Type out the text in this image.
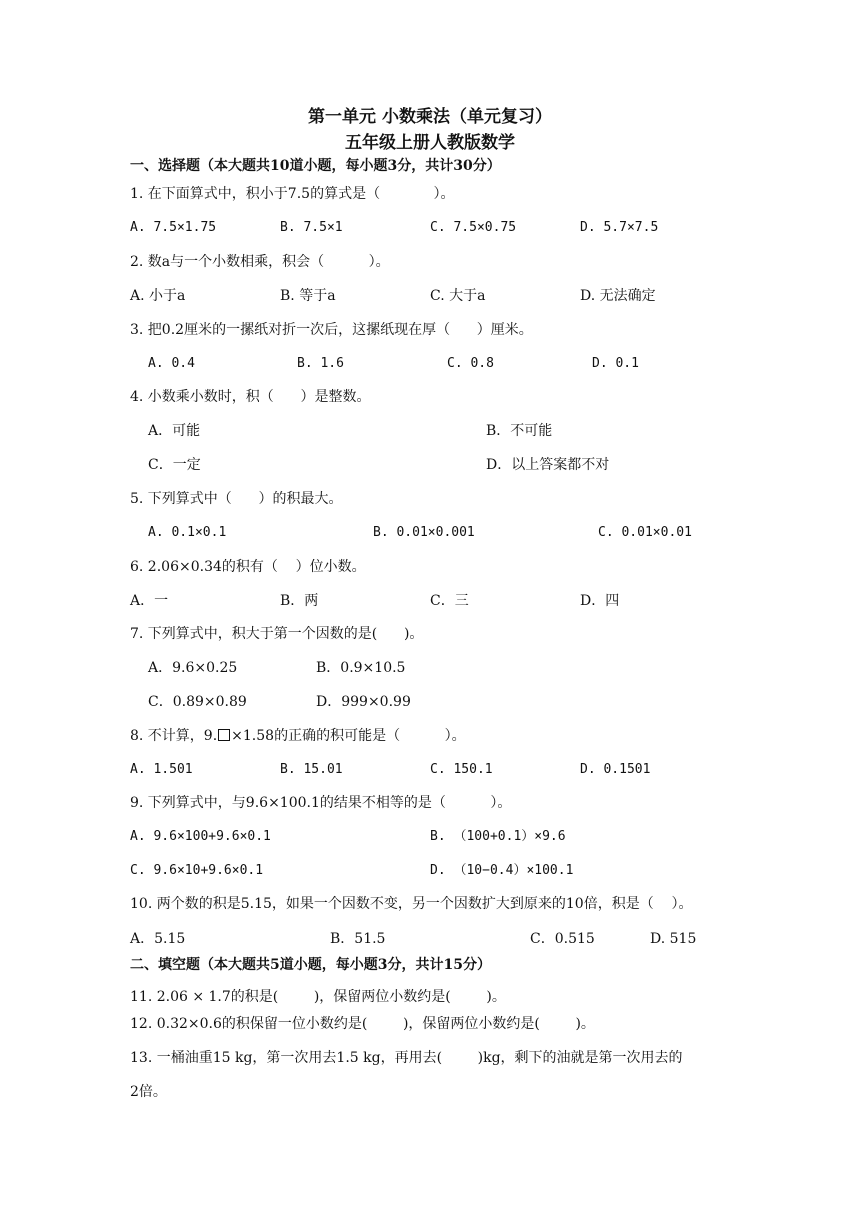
第一单元 小数乘法（单元复习）
五年级上册人教版数学
一、选择题（本大题共10道小题，每小题3分，共计30分）
1. 在下面算式中，积小于7.5的算式是（            ）。
A. 7.5×1.75	B. 7.5×1	C. 7.5×0.75	D. 5.7×7.5
2. 数a与一个小数相乘，积会（          ）。
A. 小于a	B. 等于a	C. 大于a	D. 无法确定
3. 把0.2厘米的一摞纸对折一次后，这摞纸现在厚（      ）厘米。
A. 0.4	B. 1.6	C. 0.8	D. 0.1
4. 小数乘小数时，积（      ）是整数。
A．可能	B．不可能
C．一定	D．以上答案都不对
5. 下列算式中（      ）的积最大。
A. 0.1×0.1	B. 0.01×0.001	C. 0.01×0.01
6. 2.06×0.34的积有（    ）位小数。
A．一	B．两	C．三	D．四
7. 下列算式中，积大于第一个因数的是(      )。
A．9.6×0.25	B．0.9×10.5
C．0.89×0.89	D．999×0.99
8. 不计算，9. ×1.58的正确的积可能是（          ）。
A. 1.501	B. 15.01	C. 150.1	D. 0.1501
9. 下列算式中，与9.6×100.1的结果不相等的是（          ）。
A. 9.6×100+9.6×0.1	B. （100+0.1）×9.6
C. 9.6×10+9.6×0.1	D. （10−0.4）×100.1
10. 两个数的积是5.15，如果一个因数不变，另一个因数扩大到原来的10倍，积是（    ）。
A．5.15	B．51.5	C．0.515	D. 515
二、填空题（本大题共5道小题，每小题3分，共计15分）
11. 2.06 × 1.7的积是(        )，保留两位小数约是(        )。
12. 0.32×0.6的积保留一位小数约是(        )，保留两位小数约是(        )。
13. 一桶油重15 kg，第一次用去1.5 kg，再用去(        )kg，剩下的油就是第一次用去的
2倍。
